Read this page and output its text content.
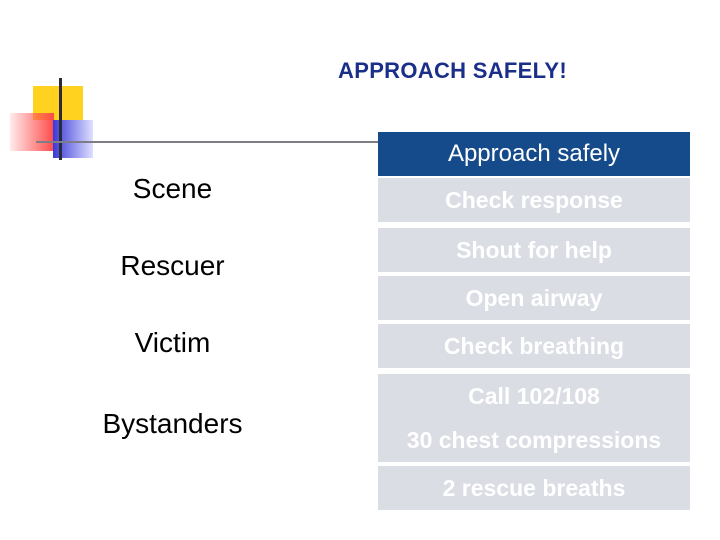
APPROACH SAFELY!
Scene
Rescuer
Victim
Bystanders
Approach safely
Check response
Shout for help
Open airway
Check breathing
Call 102/108
30 chest compressions
2 rescue breaths
